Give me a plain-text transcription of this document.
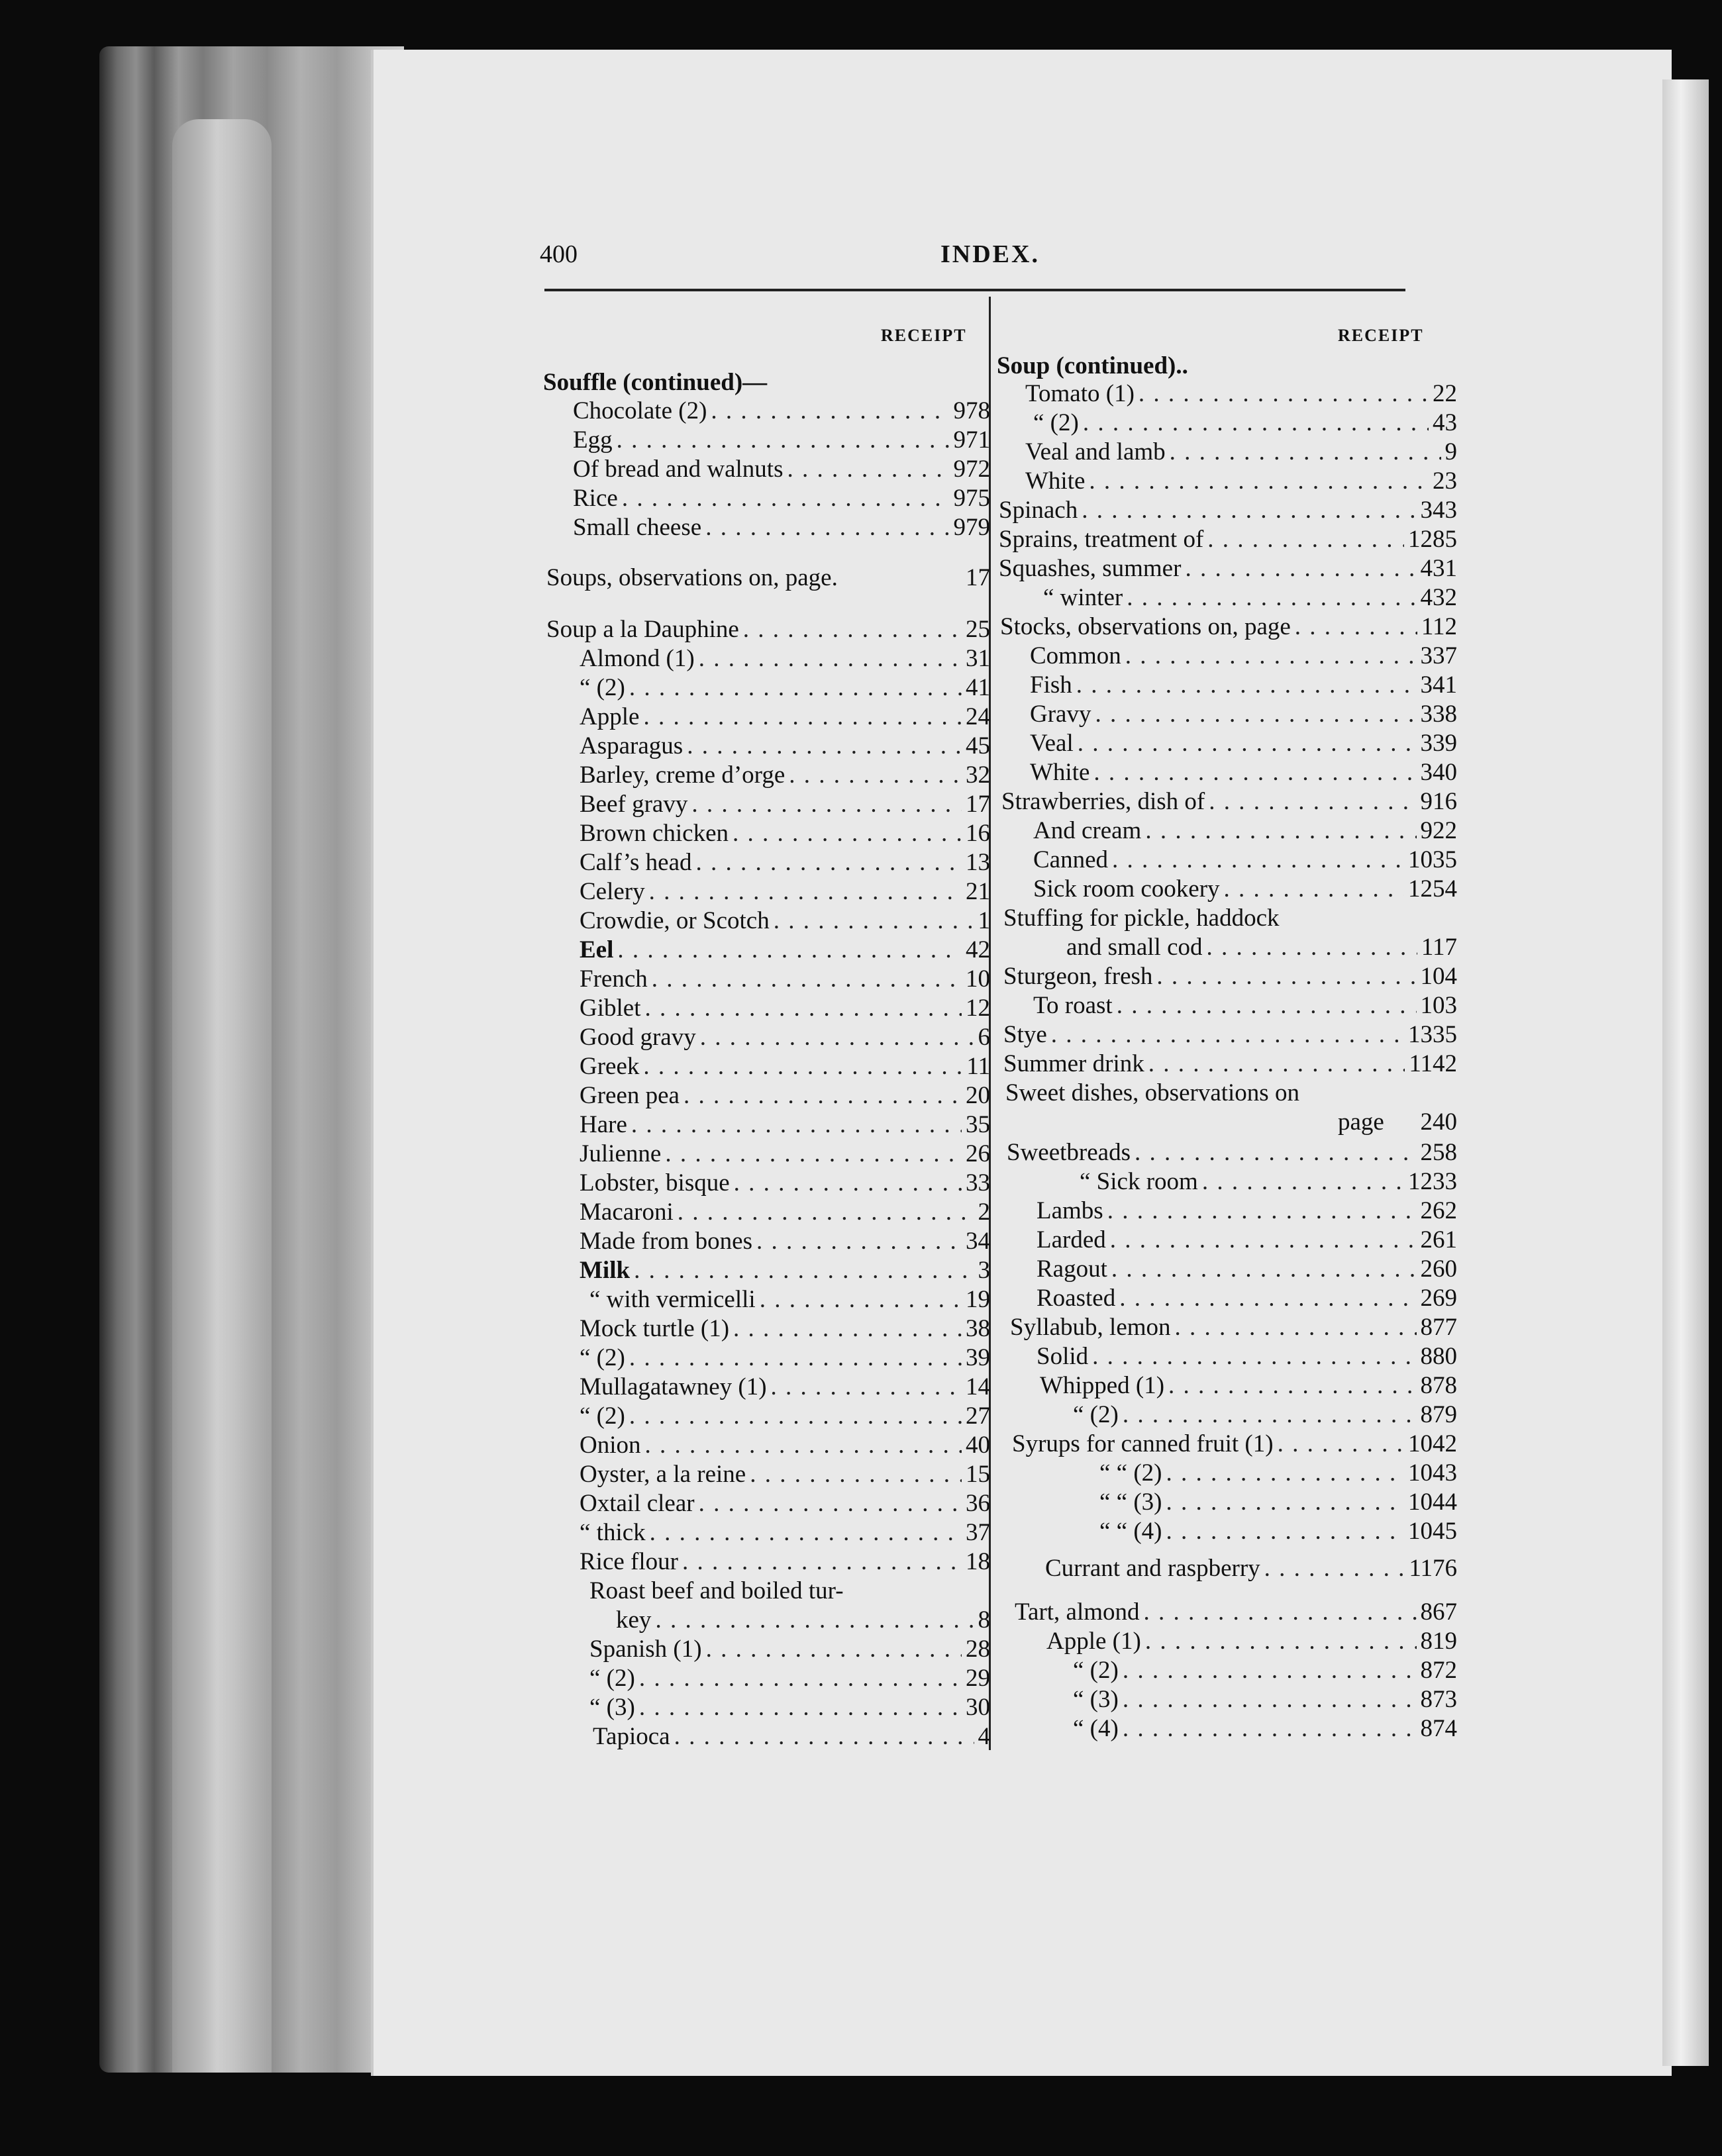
400	INDEX.
RECEIPT	RECEIPT
Souffle (continued)—
Chocolate (2) . . .	978
Egg . . .	971
Of bread and walnuts . . .	972
Rice . . .	975
Small cheese . . .	979
Soups, observations on, page.	17
Soup a la Dauphine . . .	25
Almond (1) . . .	31
“ (2) . . .	41
Apple . . .	24
Asparagus . . .	45
Barley, creme d’orge . . .	32
Beef gravy . . .	17
Brown chicken . . .	16
Calf’s head . . .	13
Celery . . .	21
Crowdie, or Scotch . . .	1
Eel . . .	42
French . . .	10
Giblet . . .	12
Good gravy . . .	6
Greek . . .	11
Green pea . . .	20
Hare . . .	35
Julienne . . .	26
Lobster, bisque . . .	33
Macaroni . . .	2
Made from bones . . .	34
Milk . . .	3
“ with vermicelli . . .	19
Mock turtle (1) . . .	38
“ (2) . . .	39
Mullagatawney (1) . . .	14
“ (2) . . .	27
Onion . . .	40
Oyster, a la reine . . .	15
Oxtail clear . . .	36
“ thick . . .	37
Rice flour . . .	18
Roast beef and boiled tur-
key . . .	8
Spanish (1) . . .	28
“ (2) . . .	29
“ (3) . . .	30
Tapioca . . .	4
Soup (continued)..
Tomato (1) . . .	22
“ (2) . . .	43
Veal and lamb . . .	9
White . . .	23
Spinach . . .	343
Sprains, treatment of . . .	1285
Squashes, summer . . .	431
“ winter . . .	432
Stocks, observations on, page . . .	112
Common . . .	337
Fish . . .	341
Gravy . . .	338
Veal . . .	339
White . . .	340
Strawberries, dish of . . .	916
And cream . . .	922
Canned . . .	1035
Sick room cookery . . .	1254
Stuffing for pickle, haddock
and small cod . . .	117
Sturgeon, fresh . . .	104
To roast . . .	103
Stye . . .	1335
Summer drink . . .	1142
Sweet dishes, observations on
page 240
Sweetbreads . . .	258
“ Sick room . . .	1233
Lambs . . .	262
Larded . . .	261
Ragout . . .	260
Roasted . . .	269
Syllabub, lemon . . .	877
Solid . . .	880
Whipped (1) . . .	878
“ (2) . . .	879
Syrups for canned fruit (1) . . .	1042
“ “ (2) . . .	1043
“ “ (3) . . .	1044
“ “ (4) . . .	1045
Currant and raspberry . . .	1176
Tart, almond . . .	867
Apple (1) . . .	819
“ (2) . . .	872
“ (3) . . .	873
“ (4) . . .	874
